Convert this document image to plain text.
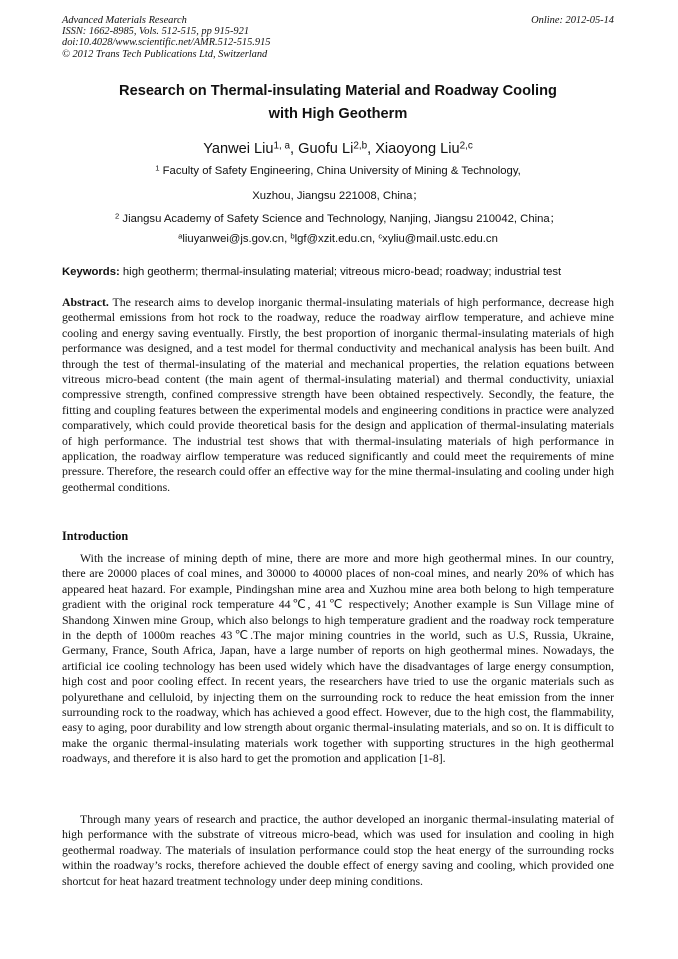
Advanced Materials Research
ISSN: 1662-8985, Vols. 512-515, pp 915-921
doi:10.4028/www.scientific.net/AMR.512-515.915
© 2012 Trans Tech Publications Ltd, Switzerland
Online: 2012-05-14
Research on Thermal-insulating Material and Roadway Cooling
with High Geotherm
Yanwei Liu$^{1, a}$, Guofu Li$^{2,b}$, Xiaoyong Liu$^{2,c}$
$^1$ Faculty of Safety Engineering, China University of Mining & Technology,
Xuzhou, Jiangsu 221008, China；
$^2$ Jiangsu Academy of Safety Science and Technology, Nanjing, Jiangsu 210042, China；
$^a$liuyanwei@js.gov.cn, $^b$lgf@xzit.edu.cn, $^c$xyliu@mail.ustc.edu.cn
Keywords: high geotherm; thermal-insulating material; vitreous micro-bead; roadway; industrial test
Abstract. The research aims to develop inorganic thermal-insulating materials of high performance, decrease high geothermal emissions from hot rock to the roadway, reduce the roadway airflow temperature, and achieve mine cooling and energy saving eventually. Firstly, the best proportion of inorganic thermal-insulating materials of high performance was designed, and a test model for thermal conductivity and mechanical analysis has been built. And through the test of thermal-insulating of the material and mechanical properties, the relation equations between vitreous micro-bead content (the main agent of thermal-insulating material) and thermal conductivity, uniaxial compressive strength, confined compressive strength have been obtained respectively. Secondly, the feature, the fitting and coupling features between the experimental models and engineering conditions in practice were analyzed comparatively, which could provide theoretical basis for the design and application of thermal-insulating materials of high performance. The industrial test shows that with thermal-insulating materials of high performance in application, the roadway airflow temperature was reduced significantly and could meet the requirements of mine pressure. Therefore, the research could offer an effective way for the mine thermal-insulating and cooling under high geothermal conditions.
Introduction
With the increase of mining depth of mine, there are more and more high geothermal mines. In our country, there are 20000 places of coal mines, and 30000 to 40000 places of non-coal mines, and nearly 20% of which has appeared heat hazard. For example, Pindingshan mine area and Xuzhou mine area both belong to high temperature gradient with the original rock temperature 44℃, 41℃ respectively; Another example is Sun Village mine of Shandong Xinwen mine Group, which also belongs to high temperature gradient and the roadway rock temperature in the depth of 1000m reaches 43℃.The major mining countries in the world, such as U.S, Russia, Ukraine, Germany, France, South Africa, Japan, have a large number of reports on high geothermal mines. Nowadays, the artificial ice cooling technology has been used widely which have the disadvantages of large energy consumption, high cost and poor cooling effect. In recent years, the researchers have tried to use the organic materials such as polyurethane and celluloid, by injecting them on the surrounding rock to reduce the heat emission from the inner surrounding rock to the roadway, which has achieved a good effect. However, due to the high cost, the flammability, easy to aging, poor durability and low strength about organic thermal-insulating materials, and so on. It is difficult to make the organic thermal-insulating materials work together with supporting structures in the high geothermal roadways, and therefore it is also hard to get the promotion and application [1-8].
Through many years of research and practice, the author developed an inorganic thermal-insulating material of high performance with the substrate of vitreous micro-bead, which was used for insulation and cooling in high geothermal roadway. The materials of insulation performance could stop the heat energy of the surrounding rocks within the roadway’s rocks, therefore achieved the double effect of energy saving and cooling, which provided one shortcut for heat hazard treatment technology under deep mining conditions.
